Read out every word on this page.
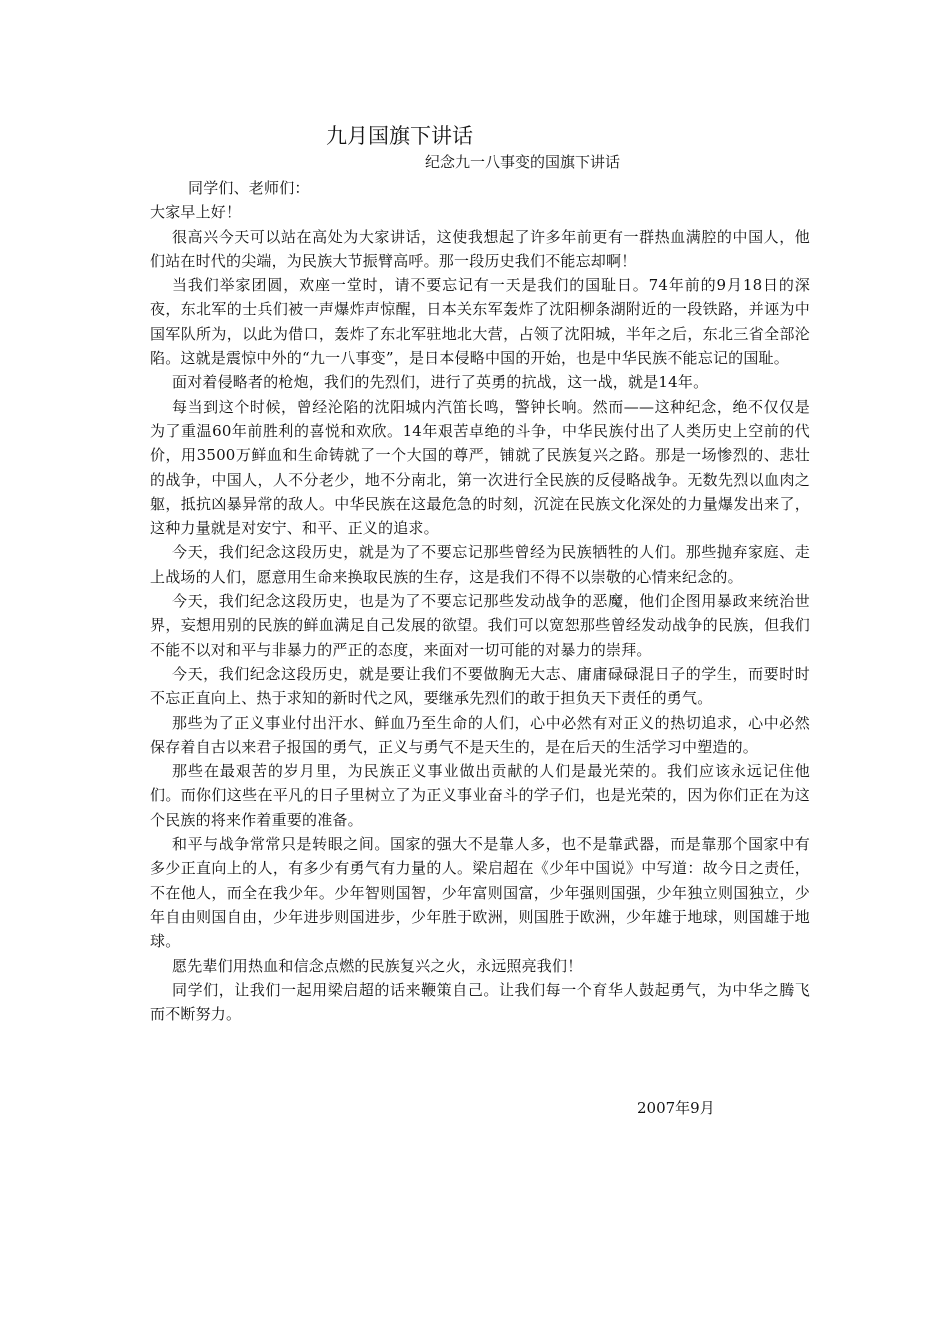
九月国旗下讲话
纪念九一八事变的国旗下讲话

同学们、老师们：

大家早上好！

很高兴今天可以站在高处为大家讲话，这使我想起了许多年前更有一群热血满腔的中国人，他们站在时代的尖端，为民族大节振臂高呼。那一段历史我们不能忘却啊！

当我们举家团圆，欢座一堂时，请不要忘记有一天是我们的国耻日。74年前的9月18日的深夜，东北军的士兵们被一声爆炸声惊醒，日本关东军轰炸了沈阳柳条湖附近的一段铁路，并诬为中国军队所为，以此为借口，轰炸了东北军驻地北大营，占领了沈阳城，半年之后，东北三省全部沦陷。这就是震惊中外的“九一八事变”，是日本侵略中国的开始，也是中华民族不能忘记的国耻。

面对着侵略者的枪炮，我们的先烈们，进行了英勇的抗战，这一战，就是14年。

每当到这个时候，曾经沦陷的沈阳城内汽笛长鸣，警钟长响。然而——这种纪念，绝不仅仅是为了重温60年前胜利的喜悦和欢欣。14年艰苦卓绝的斗争，中华民族付出了人类历史上空前的代价，用3500万鲜血和生命铸就了一个大国的尊严，铺就了民族复兴之路。那是一场惨烈的、悲壮的战争，中国人，人不分老少，地不分南北，第一次进行全民族的反侵略战争。无数先烈以血肉之躯，抵抗凶暴异常的敌人。中华民族在这最危急的时刻，沉淀在民族文化深处的力量爆发出来了，这种力量就是对安宁、和平、正义的追求。

今天，我们纪念这段历史，就是为了不要忘记那些曾经为民族牺牲的人们。那些抛弃家庭、走上战场的人们，愿意用生命来换取民族的生存，这是我们不得不以崇敬的心情来纪念的。

今天，我们纪念这段历史，也是为了不要忘记那些发动战争的恶魔，他们企图用暴政来统治世界，妄想用别的民族的鲜血满足自己发展的欲望。我们可以宽恕那些曾经发动战争的民族，但我们不能不以对和平与非暴力的严正的态度，来面对一切可能的对暴力的崇拜。

今天，我们纪念这段历史，就是要让我们不要做胸无大志、庸庸碌碌混日子的学生，而要时时不忘正直向上、热于求知的新时代之风，要继承先烈们的敢于担负天下责任的勇气。

那些为了正义事业付出汗水、鲜血乃至生命的人们，心中必然有对正义的热切追求，心中必然保存着自古以来君子报国的勇气，正义与勇气不是天生的，是在后天的生活学习中塑造的。

那些在最艰苦的岁月里，为民族正义事业做出贡献的人们是最光荣的。我们应该永远记住他们。而你们这些在平凡的日子里树立了为正义事业奋斗的学子们，也是光荣的，因为你们正在为这个民族的将来作着重要的准备。

和平与战争常常只是转眼之间。国家的强大不是靠人多，也不是靠武器，而是靠那个国家中有多少正直向上的人，有多少有勇气有力量的人。梁启超在《少年中国说》中写道：故今日之责任，不在他人，而全在我少年。少年智则国智，少年富则国富，少年强则国强，少年独立则国独立，少年自由则国自由，少年进步则国进步，少年胜于欧洲，则国胜于欧洲，少年雄于地球，则国雄于地球。

愿先辈们用热血和信念点燃的民族复兴之火，永远照亮我们！

同学们，让我们一起用梁启超的话来鞭策自己。让我们每一个育华人鼓起勇气，为中华之腾飞而不断努力。

2007年9月
